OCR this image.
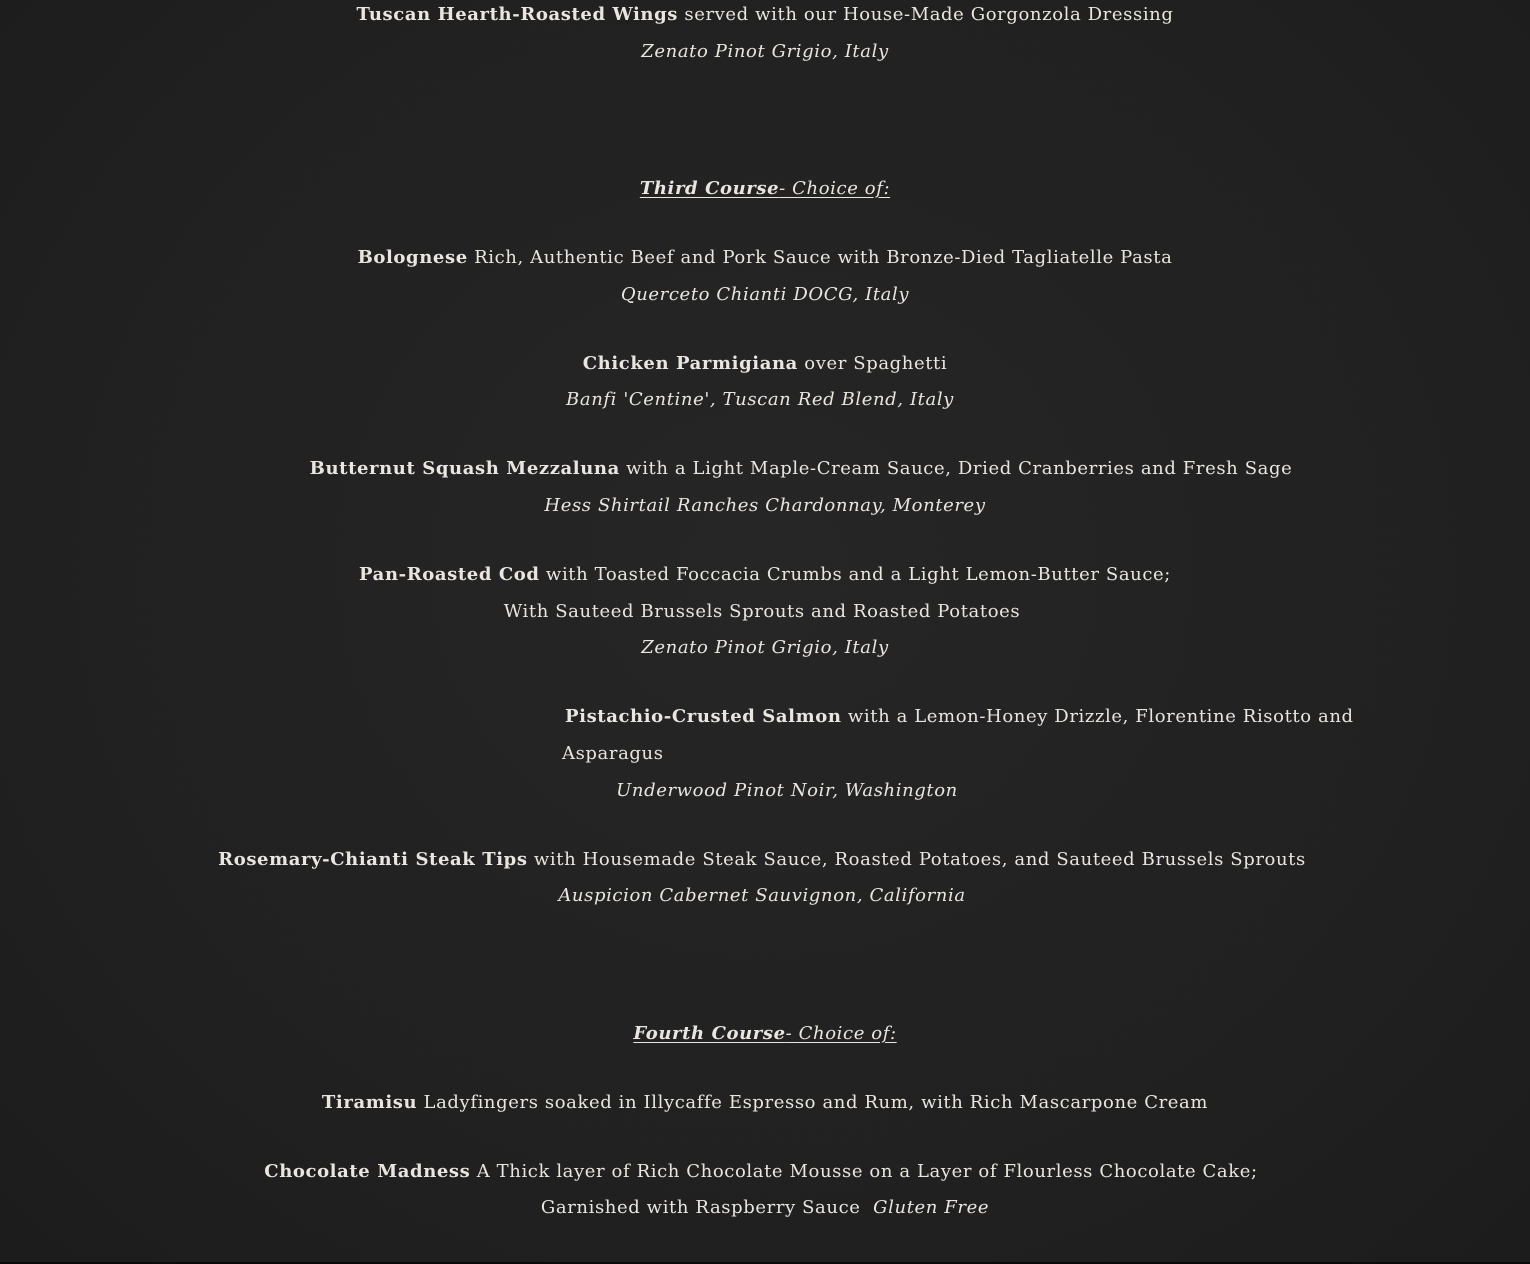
Tuscan Hearth-Roasted Wings served with our House-Made Gorgonzola Dressing
Zenato Pinot Grigio, Italy
Third Course- Choice of:
Bolognese Rich, Authentic Beef and Pork Sauce with Bronze-Died Tagliatelle Pasta
Querceto Chianti DOCG, Italy
Chicken Parmigiana over Spaghetti
Banfi 'Centine', Tuscan Red Blend, Italy
Butternut Squash Mezzaluna with a Light Maple-Cream Sauce, Dried Cranberries and Fresh Sage
Hess Shirtail Ranches Chardonnay, Monterey
Pan-Roasted Cod with Toasted Foccacia Crumbs and a Light Lemon-Butter Sauce;
With Sauteed Brussels Sprouts and Roasted Potatoes
Zenato Pinot Grigio, Italy
Pistachio-Crusted Salmon with a Lemon-Honey Drizzle, Florentine Risotto and
Asparagus
Underwood Pinot Noir, Washington
Rosemary-Chianti Steak Tips with Housemade Steak Sauce, Roasted Potatoes, and Sauteed Brussels Sprouts
Auspicion Cabernet Sauvignon, California
Fourth Course- Choice of:
Tiramisu Ladyfingers soaked in Illycaffe Espresso and Rum, with Rich Mascarpone Cream
Chocolate Madness A Thick layer of Rich Chocolate Mousse on a Layer of Flourless Chocolate Cake;
Garnished with Raspberry Sauce  Gluten Free
